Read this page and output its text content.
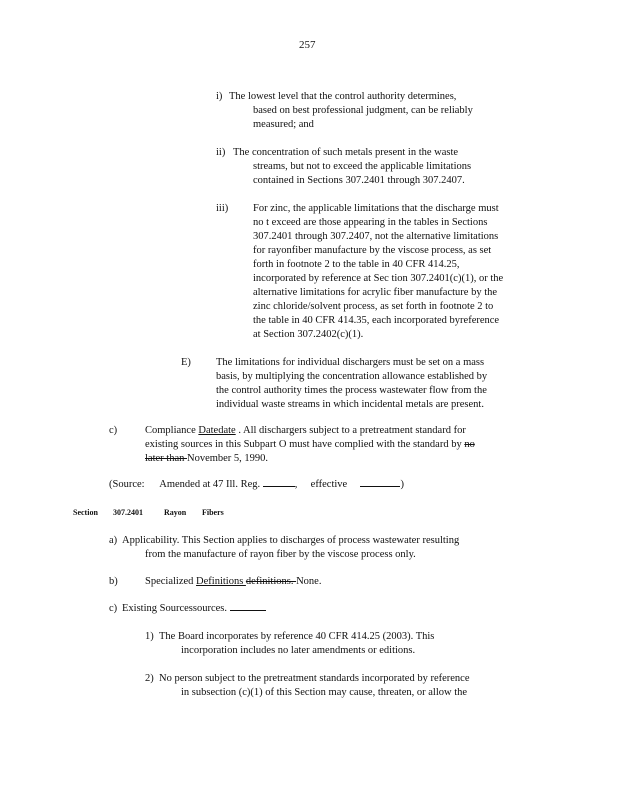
257
i) The lowest level that the control authority determines,
based on best professional judgment, can be reliably
measured; and
ii) The concentration of such metals present in the waste
streams, but not to exceed the applicable limitations
contained in Sections 307.2401 through 307.2407.
iii) For zinc, the applicable limitations that the discharge must
no t exceed are those appearing in the tables in Sections
307.2401 through 307.2407, not the alternative limitations
for rayonfiber manufacture by the viscose process, as set
forth in footnote 2 to the table in 40 CFR 414.25,
incorporated by reference at Sec tion 307.2401(c)(1), or the
alternative limitations for acrylic fiber manufacture by the
zinc chloride/solvent process, as set forth in footnote 2 to
the table in 40 CFR 414.35, each incorporated byreference
at Section 307.2402(c)(1).
E) The limitations for individual dischargers must be set on a mass
basis, by multiplying the concentration allowance established by
the control authority times the process wastewater flow from the
individual waste streams in which incidental metals are present.
c)	Compliance Datedate . All dischargers subject to a pretreatment standard for
existing sources in this Subpart O must have complied with the standard by no
later than November 5, 1990.
(Source: Amended at 47 Ill. Reg.	, effective	)
Section 307.2401	Rayon Fibers
a) Applicability. This Section applies to discharges of process wastewater resulting
from the manufacture of rayon fiber by the viscose process only.
b)	Specialized Definitions definitions. None.
c) Existing Sourcessources.
1) The Board incorporates by reference 40 CFR 414.25 (2003). This
incorporation includes no later amendments or editions.
2) No person subject to the pretreatment standards incorporated by reference
in subsection (c)(1) of this Section may cause, threaten, or allow the
